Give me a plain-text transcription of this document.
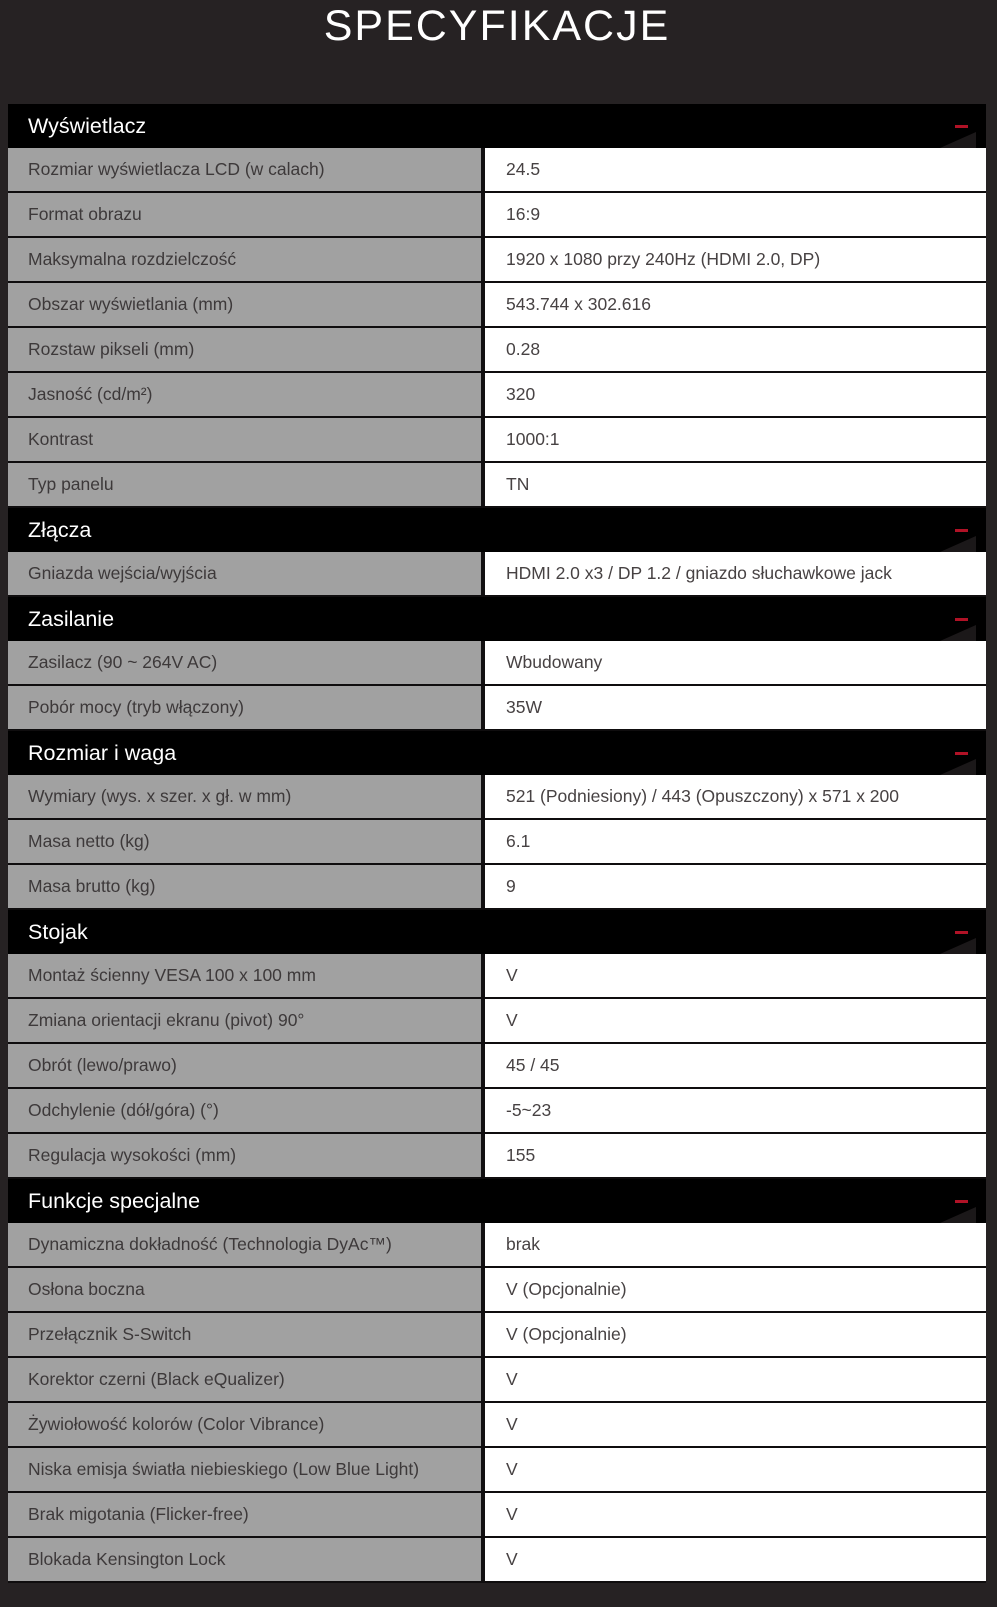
SPECYFIKACJE
Wyświetlacz
Rozmiar wyświetlacza LCD (w calach)	24.5
Format obrazu	16:9
Maksymalna rozdzielczość	1920 x 1080 przy 240Hz (HDMI 2.0, DP)
Obszar wyświetlania (mm)	543.744 x 302.616
Rozstaw pikseli (mm)	0.28
Jasność (cd/m²)	320
Kontrast	1000:1
Typ panelu	TN
Złącza
Gniazda wejścia/wyjścia	HDMI 2.0 x3 / DP 1.2 / gniazdo słuchawkowe jack
Zasilanie
Zasilacz (90 ~ 264V AC)	Wbudowany
Pobór mocy (tryb włączony)	35W
Rozmiar i waga
Wymiary (wys. x szer. x gł. w mm)	521 (Podniesiony) / 443 (Opuszczony) x 571 x 200
Masa netto (kg)	6.1
Masa brutto (kg)	9
Stojak
Montaż ścienny VESA 100 x 100 mm	V
Zmiana orientacji ekranu (pivot) 90°	V
Obrót (lewo/prawo)	45 / 45
Odchylenie (dół/góra) (°)	-5~23
Regulacja wysokości (mm)	155
Funkcje specjalne
Dynamiczna dokładność (Technologia DyAc™)	brak
Osłona boczna	V (Opcjonalnie)
Przełącznik S-Switch	V (Opcjonalnie)
Korektor czerni (Black eQualizer)	V
Żywiołowość kolorów (Color Vibrance)	V
Niska emisja światła niebieskiego (Low Blue Light)	V
Brak migotania (Flicker-free)	V
Blokada Kensington Lock	V
